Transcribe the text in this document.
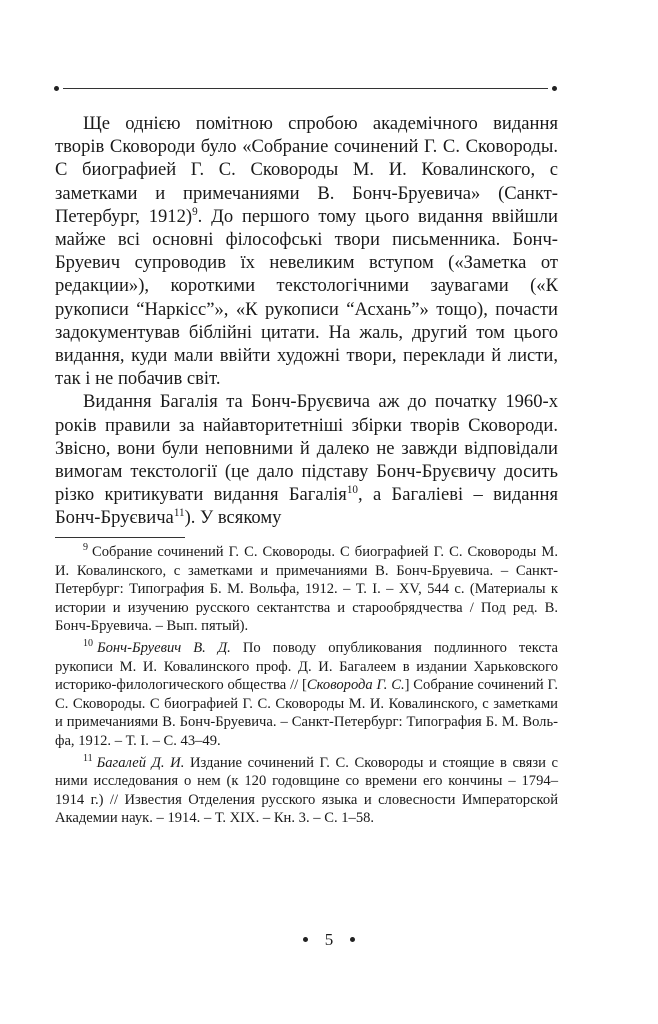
Ще однією помітною спробою академічного видання творів Сковороди було «Собрание сочинений Г. С. Сковороды. С биографией Г. С. Сковороды М. И. Ковалинского, с заметками и примечаниями В. Бонч-Бруевича» (Санкт-Петербург, 1912)$^9$. До першого тому цього видання ввійшли майже всі основні філософські твори письменника. Бонч-Бруевич супроводив їх невеликим вступом («Заметка от редакции»), короткими текстологічними заувагами («К рукописи “Наркісс”», «К рукописи “Асхань”» тощо), почасти задокументував біблійні цитати. На жаль, другий том цього видання, куди мали ввійти художні твори, переклади й листи, так і не побачив світ.

Видання Багалія та Бонч-Бруєвича аж до початку 1960-х років правили за найавторитетніші збірки творів Сковороди. Звісно, вони були неповними й далеко не завжди відповідали вимогам текстології (це дало підставу Бонч-Бруєвичу досить різко критикувати видання Багалія$^{10}$, а Багаліеві – видання Бонч-Бруєвича$^{11}$). У всякому

$^9$ Собрание сочинений Г. С. Сковороды. С биографией Г. С. Сковороды М. И. Ковалинского, с заметками и примечаниями В. Бонч-Бруевича. – Санкт-Петербург: Типография Б. М. Вольфа, 1912. – Т. I. – XV, 544 с. (Материалы к истории и изучению русского сектантства и старообрядчества / Под ред. В. Бонч-Бруевича. – Вып. пятый).

$^{10}$ Бонч-Бруевич В. Д. По поводу опубликования подлинного текста рукописи М. И. Ковалинского проф. Д. И. Багалеем в издании Харьковского историко-филологического общества // [Сковорода Г. С.] Собрание сочинений Г. С. Сковороды. С биографией Г. С. Сковороды М. И. Ковалинского, с заметками и примечаниями В. Бонч-Бруевича. – Санкт-Петербург: Типография Б. М. Вольфа, 1912. – Т. I. – С. 43–49.

$^{11}$ Багалей Д. И. Издание сочинений Г. С. Сковороды и стоящие в связи с ними исследования о нем (к 120 годовщине со времени его кончины – 1794–1914 г.) // Известия Отделения русского языка и словесности Императорской Академии наук. – 1914. – Т. XIX. – Кн. 3. – С. 1–58.

5
